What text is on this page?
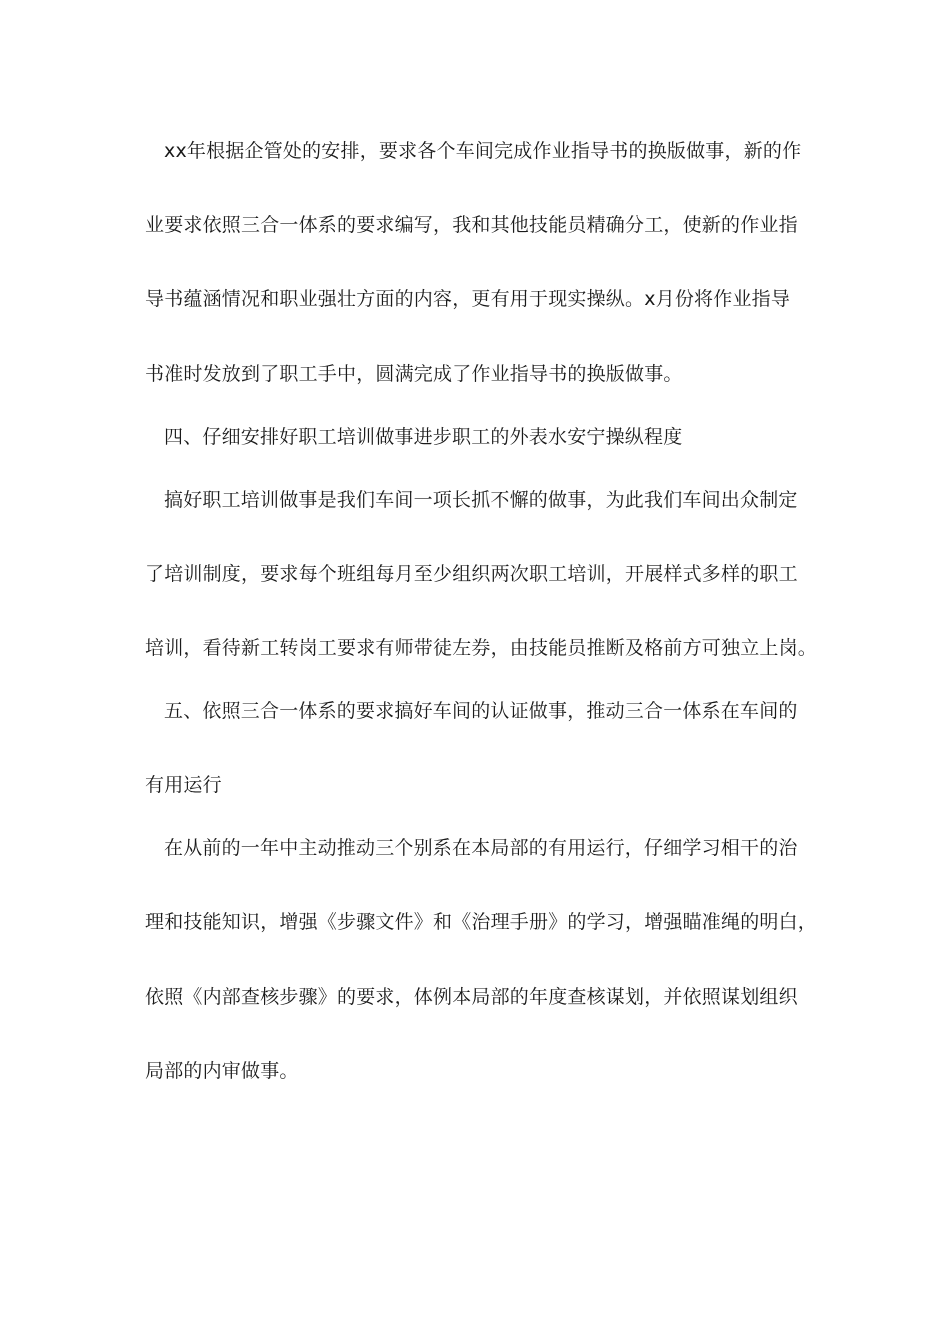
xx年根据企管处的安排，要求各个车间完成作业指导书的换版做事，新的作
业要求依照三合一体系的要求编写，我和其他技能员精确分工，使新的作业指
导书蕴涵情况和职业强壮方面的内容，更有用于现实操纵。x月份将作业指导
书准时发放到了职工手中，圆满完成了作业指导书的换版做事。
四、仔细安排好职工培训做事进步职工的外表水安宁操纵程度
搞好职工培训做事是我们车间一项长抓不懈的做事，为此我们车间出众制定
了培训制度，要求每个班组每月至少组织两次职工培训，开展样式多样的职工
培训，看待新工转岗工要求有师带徒左券，由技能员推断及格前方可独立上岗。
五、依照三合一体系的要求搞好车间的认证做事，推动三合一体系在车间的
有用运行
在从前的一年中主动推动三个别系在本局部的有用运行，仔细学习相干的治
理和技能知识，增强《步骤文件》和《治理手册》的学习，增强瞄准绳的明白，
依照《内部查核步骤》的要求，体例本局部的年度查核谋划，并依照谋划组织
局部的内审做事。
